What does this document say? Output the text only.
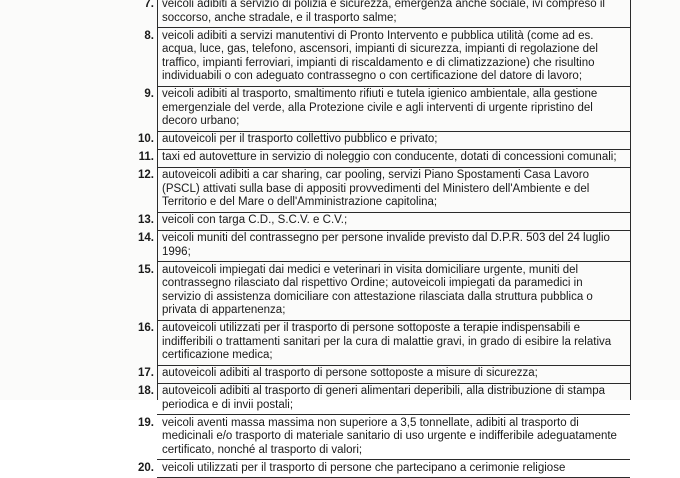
7. veicoli adibiti a servizio di polizia e sicurezza, emergenza anche sociale, ivi compreso il
soccorso, anche stradale, e il trasporto salme;
8. veicoli adibiti a servizi manutentivi di Pronto Intervento e pubblica utilità (come ad es.
acqua, luce, gas, telefono, ascensori, impianti di sicurezza, impianti di regolazione del
traffico, impianti ferroviari, impianti di riscaldamento e di climatizzazione) che risultino
individuabili o con adeguato contrassegno o con certificazione del datore di lavoro;
9. veicoli adibiti al trasporto, smaltimento rifiuti e tutela igienico ambientale, alla gestione
emergenziale del verde, alla Protezione civile e agli interventi di urgente ripristino del
decoro urbano;
10. autoveicoli per il trasporto collettivo pubblico e privato;
11. taxi ed autovetture in servizio di noleggio con conducente, dotati di concessioni comunali;
12. autoveicoli adibiti a car sharing, car pooling, servizi Piano Spostamenti Casa Lavoro
(PSCL) attivati sulla base di appositi provvedimenti del Ministero dell'Ambiente e del
Territorio e del Mare o dell'Amministrazione capitolina;
13. veicoli con targa C.D., S.C.V. e C.V.;
14. veicoli muniti del contrassegno per persone invalide previsto dal D.P.R. 503 del 24 luglio
1996;
15. autoveicoli impiegati dai medici e veterinari in visita domiciliare urgente, muniti del
contrassegno rilasciato dal rispettivo Ordine; autoveicoli impiegati da paramedici in
servizio di assistenza domiciliare con attestazione rilasciata dalla struttura pubblica o
privata di appartenenza;
16. autoveicoli utilizzati per il trasporto di persone sottoposte a terapie indispensabili e
indifferibili o trattamenti sanitari per la cura di malattie gravi, in grado di esibire la relativa
certificazione medica;
17. autoveicoli adibiti al trasporto di persone sottoposte a misure di sicurezza;
18. autoveicoli adibiti al trasporto di generi alimentari deperibili, alla distribuzione di stampa
periodica e di invii postali;
19. veicoli aventi massa massima non superiore a 3,5 tonnellate, adibiti al trasporto di
medicinali e/o trasporto di materiale sanitario di uso urgente e indifferibile adeguatamente
certificato, nonché al trasporto di valori;
20. veicoli utilizzati per il trasporto di persone che partecipano a cerimonie religiose
